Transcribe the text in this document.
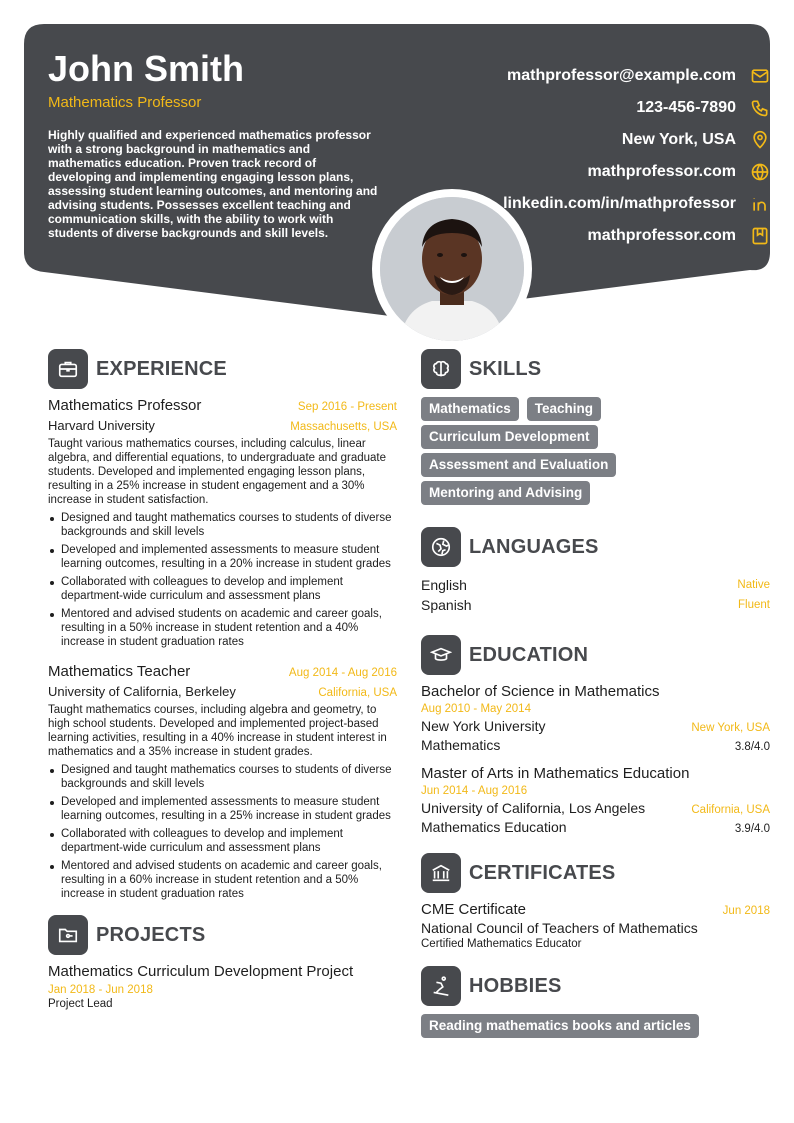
John Smith
Mathematics Professor
Highly qualified and experienced mathematics professor with a strong background in mathematics and mathematics education. Proven track record of developing and implementing engaging lesson plans, assessing student learning outcomes, and mentoring and advising students. Possesses excellent teaching and communication skills, with the ability to work with students of diverse backgrounds and skill levels.
mathprofessor@example.com
123-456-7890
New York, USA
mathprofessor.com
linkedin.com/in/mathprofessor
mathprofessor.com
EXPERIENCE
Mathematics Professor	Sep 2016 - Present
Harvard University	Massachusetts, USA
Taught various mathematics courses, including calculus, linear algebra, and differential equations, to undergraduate and graduate students. Developed and implemented engaging lesson plans, resulting in a 25% increase in student engagement and a 30% increase in student satisfaction.
Designed and taught mathematics courses to students of diverse backgrounds and skill levels
Developed and implemented assessments to measure student learning outcomes, resulting in a 20% increase in student grades
Collaborated with colleagues to develop and implement department-wide curriculum and assessment plans
Mentored and advised students on academic and career goals, resulting in a 50% increase in student retention and a 40% increase in student graduation rates
Mathematics Teacher	Aug 2014 - Aug 2016
University of California, Berkeley	California, USA
Taught mathematics courses, including algebra and geometry, to high school students. Developed and implemented project-based learning activities, resulting in a 40% increase in student interest in mathematics and a 35% increase in student grades.
Designed and taught mathematics courses to students of diverse backgrounds and skill levels
Developed and implemented assessments to measure student learning outcomes, resulting in a 25% increase in student grades
Collaborated with colleagues to develop and implement department-wide curriculum and assessment plans
Mentored and advised students on academic and career goals, resulting in a 60% increase in student retention and a 50% increase in student graduation rates
PROJECTS
Mathematics Curriculum Development Project
Jan 2018 - Jun 2018
Project Lead
SKILLS
Mathematics	Teaching
Curriculum Development
Assessment and Evaluation
Mentoring and Advising
LANGUAGES
English	Native
Spanish	Fluent
EDUCATION
Bachelor of Science in Mathematics
Aug 2010 - May 2014
New York University	New York, USA
Mathematics	3.8/4.0
Master of Arts in Mathematics Education
Jun 2014 - Aug 2016
University of California, Los Angeles	California, USA
Mathematics Education	3.9/4.0
CERTIFICATES
CME Certificate	Jun 2018
National Council of Teachers of Mathematics
Certified Mathematics Educator
HOBBIES
Reading mathematics books and articles
